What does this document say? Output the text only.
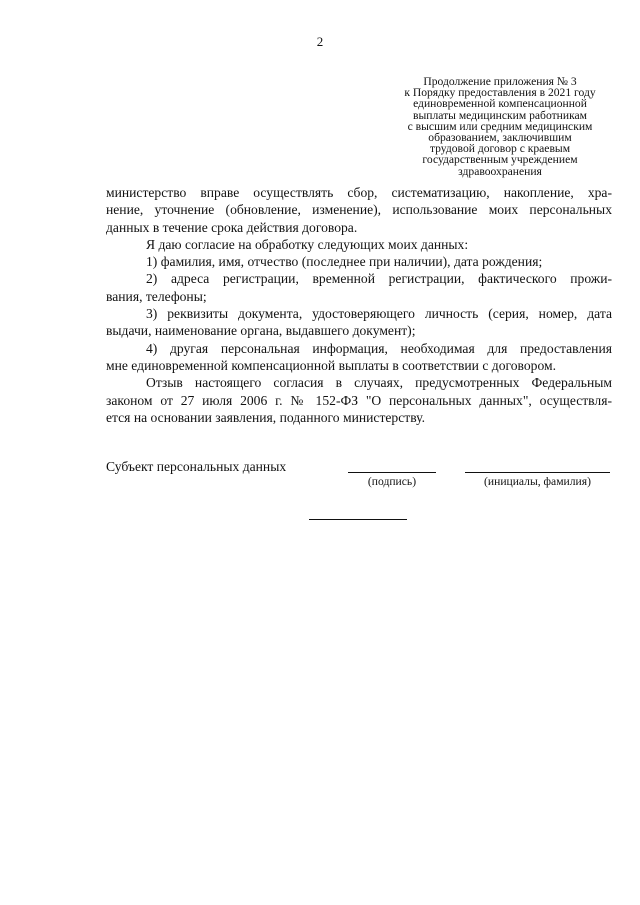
2
Продолжение приложения № 3
к Порядку предоставления в 2021 году
единовременной компенсационной
выплаты медицинским работникам
с высшим или средним медицинским
образованием, заключившим
трудовой договор с краевым
государственным учреждением
здравоохранения

министерство вправе осуществлять сбор, систематизацию, накопление, хра-

нение, уточнение (обновление, изменение), использование моих персональных

данных в течение срока действия договора.

Я даю согласие на обработку следующих моих данных:

1) фамилия, имя, отчество (последнее при наличии), дата рождения;

2) адреса регистрации, временной регистрации, фактического прожи-

вания, телефоны;

3) реквизиты документа, удостоверяющего личность (серия, номер, дата

выдачи, наименование органа, выдавшего документ);

4) другая персональная информация, необходимая для предоставления

мне единовременной компенсационной выплаты в соответствии с договором.

Отзыв настоящего согласия в случаях, предусмотренных Федеральным

законом от 27 июля 2006 г. № 152-ФЗ "О персональных данных", осуществля-

ется на основании заявления, поданного министерству.

Субъект персональных данных
(подпись)	(инициалы, фамилия)
